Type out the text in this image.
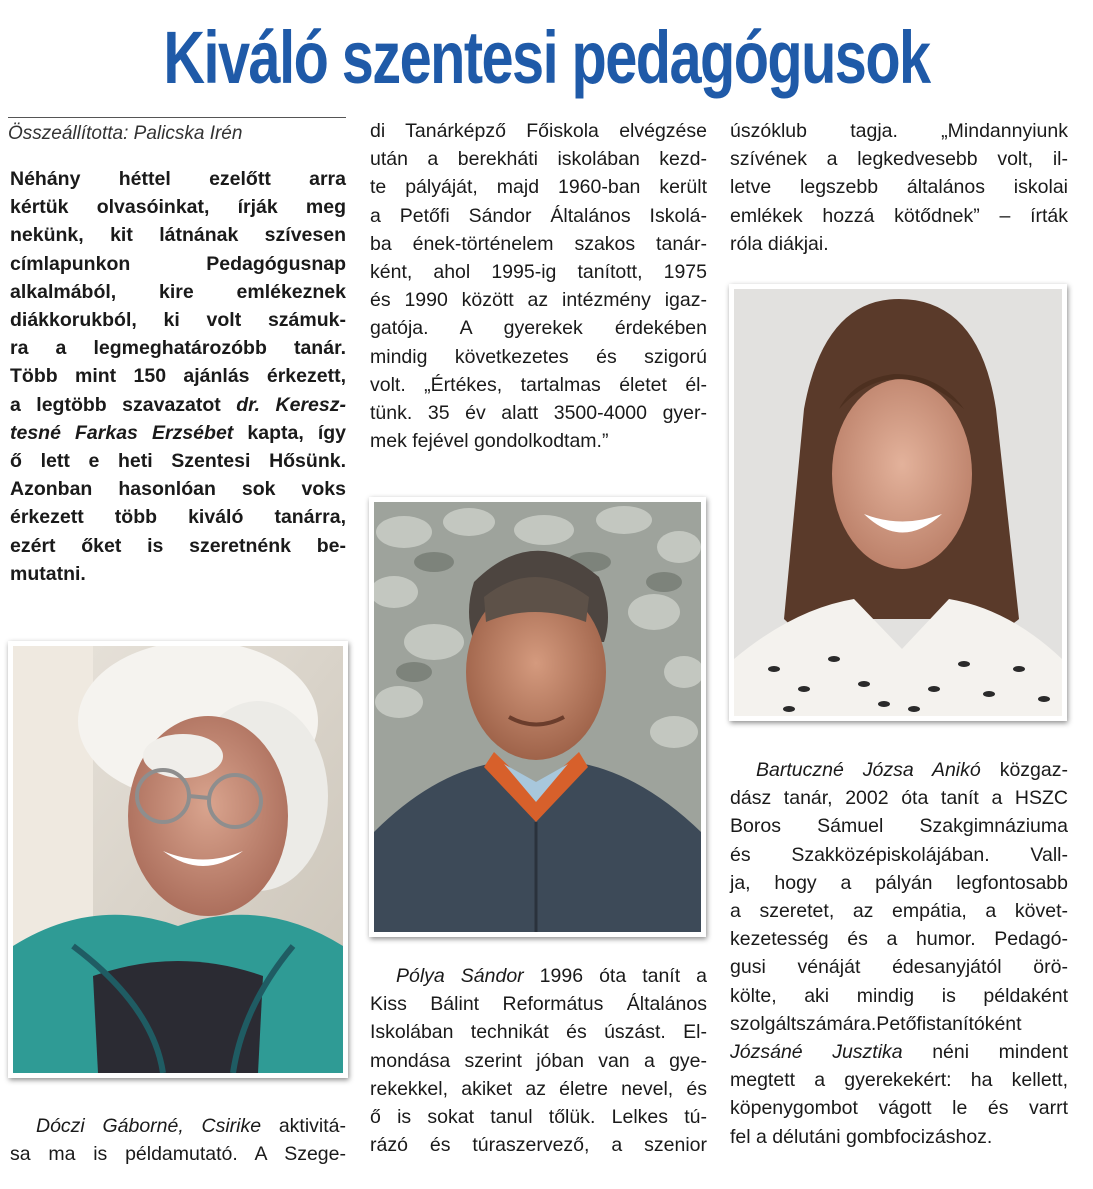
Kiváló szentesi pedagógusok
Összeállította: Palicska Irén
Néhány héttel ezelőtt arra
kértük olvasóinkat, írják meg
nekünk, kit látnának szívesen
címlapunkon Pedagógusnap
alkalmából, kire emlékeznek
diákkorukból, ki volt számuk-
ra a legmeghatározóbb tanár.
Több mint 150 ajánlás érkezett,
a legtöbb szavazatot dr. Keresz-
tesné Farkas Erzsébet kapta, így
ő lett e heti Szentesi Hősünk.
Azonban hasonlóan sok voks
érkezett több kiváló tanárra,
ezért őket is szeretnénk be-
mutatni.
di Tanárképző Főiskola elvégzése
után a berekháti iskolában kezd-
te pályáját, majd 1960-ban került
a Petőfi Sándor Általános Iskolá-
ba ének-történelem szakos tanár-
ként, ahol 1995-ig tanított, 1975
és 1990 között az intézmény igaz-
gatója. A gyerekek érdekében
mindig következetes és szigorú
volt. „Értékes, tartalmas életet él-
tünk. 35 év alatt 3500-4000 gyer-
mek fejével gondolkodtam.”
úszóklub tagja. „Mindannyiunk
szívének a legkedvesebb volt, il-
letve legszebb általános iskolai
emlékek hozzá kötődnek” – írták
róla diákjai.
Dóczi Gáborné, Csirike aktivitá-
sa ma is példamutató. A Szege-
Pólya Sándor 1996 óta tanít a
Kiss Bálint Református Általános
Iskolában technikát és úszást. El-
mondása szerint jóban van a gye-
rekekkel, akiket az életre nevel, és
ő is sokat tanul tőlük. Lelkes tú-
rázó és túraszervező, a szenior
Bartuczné Józsa Anikó közgaz-
dász tanár, 2002 óta tanít a HSZC
Boros Sámuel Szakgimnáziuma
és Szakközépiskolájában. Vall-
ja, hogy a pályán legfontosabb
a szeretet, az empátia, a követ-
kezetesség és a humor. Pedagó-
gusi vénáját édesanyjától örö-
költe, aki mindig is példaként
szolgáltszámára.Petőfistanítóként
Józsáné Jusztika néni mindent
megtett a gyerekekért: ha kellett,
köpenygombot vágott le és varrt
fel a délutáni gombfocizáshoz.
